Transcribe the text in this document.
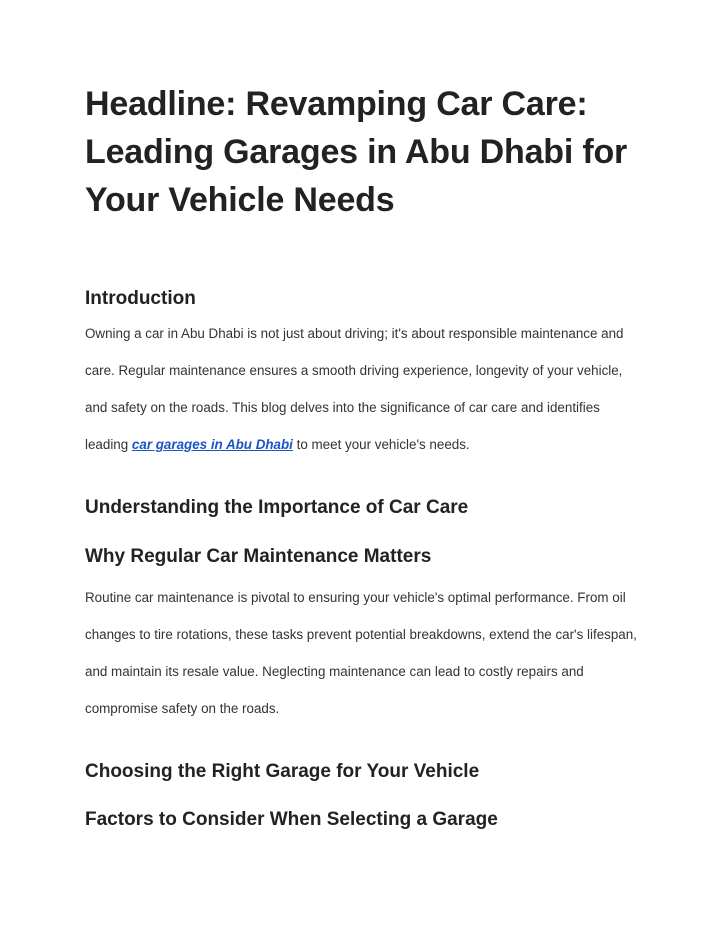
Headline: Revamping Car Care: Leading Garages in Abu Dhabi for Your Vehicle Needs
Introduction

Owning a car in Abu Dhabi is not just about driving; it's about responsible maintenance and care. Regular maintenance ensures a smooth driving experience, longevity of your vehicle, and safety on the roads. This blog delves into the significance of car care and identifies leading car garages in Abu Dhabi to meet your vehicle's needs.

Understanding the Importance of Car Care
Why Regular Car Maintenance Matters

Routine car maintenance is pivotal to ensuring your vehicle's optimal performance. From oil changes to tire rotations, these tasks prevent potential breakdowns, extend the car's lifespan, and maintain its resale value. Neglecting maintenance can lead to costly repairs and compromise safety on the roads.

Choosing the Right Garage for Your Vehicle
Factors to Consider When Selecting a Garage
